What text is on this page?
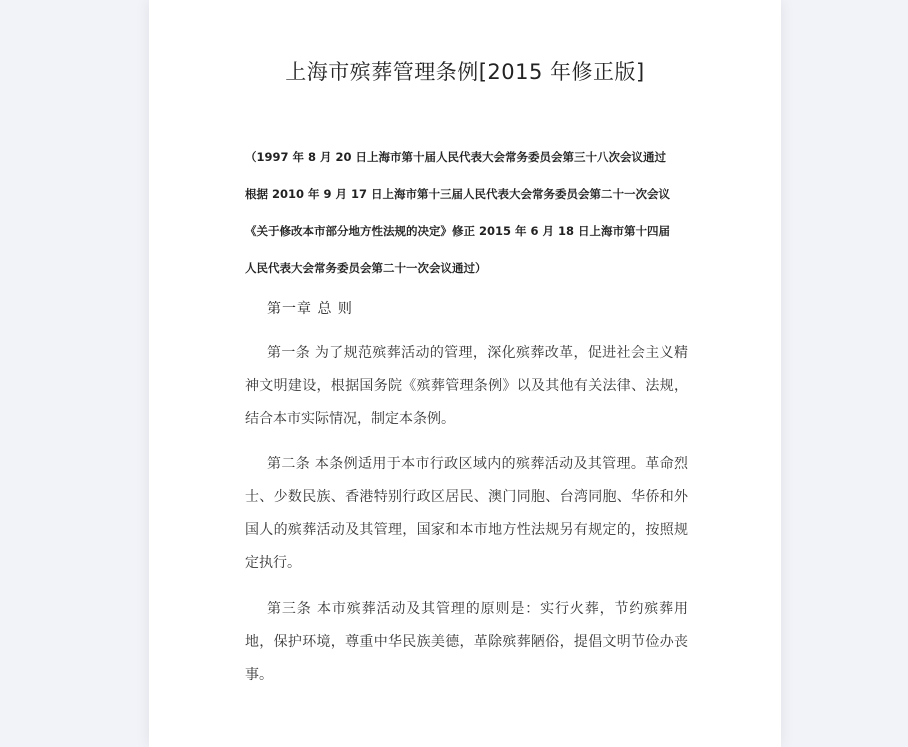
上海市殡葬管理条例[2015 年修正版]
（1997 年 8 月 20 日上海市第十届人民代表大会常务委员会第三十八次会议通过
根据 2010 年 9 月 17 日上海市第十三届人民代表大会常务委员会第二十一次会议
《关于修改本市部分地方性法规的决定》修正 2015 年 6 月 18 日上海市第十四届
人民代表大会常务委员会第二十一次会议通过）
第一章 总 则

第一条 为了规范殡葬活动的管理，深化殡葬改革，促进社会主义精神文明建设，根据国务院《殡葬管理条例》以及其他有关法律、法规，结合本市实际情况，制定本条例。

第二条 本条例适用于本市行政区域内的殡葬活动及其管理。革命烈士、少数民族、香港特别行政区居民、澳门同胞、台湾同胞、华侨和外国人的殡葬活动及其管理，国家和本市地方性法规另有规定的，按照规定执行。

第三条 本市殡葬活动及其管理的原则是：实行火葬，节约殡葬用地，保护环境，尊重中华民族美德，革除殡葬陋俗，提倡文明节俭办丧事。
